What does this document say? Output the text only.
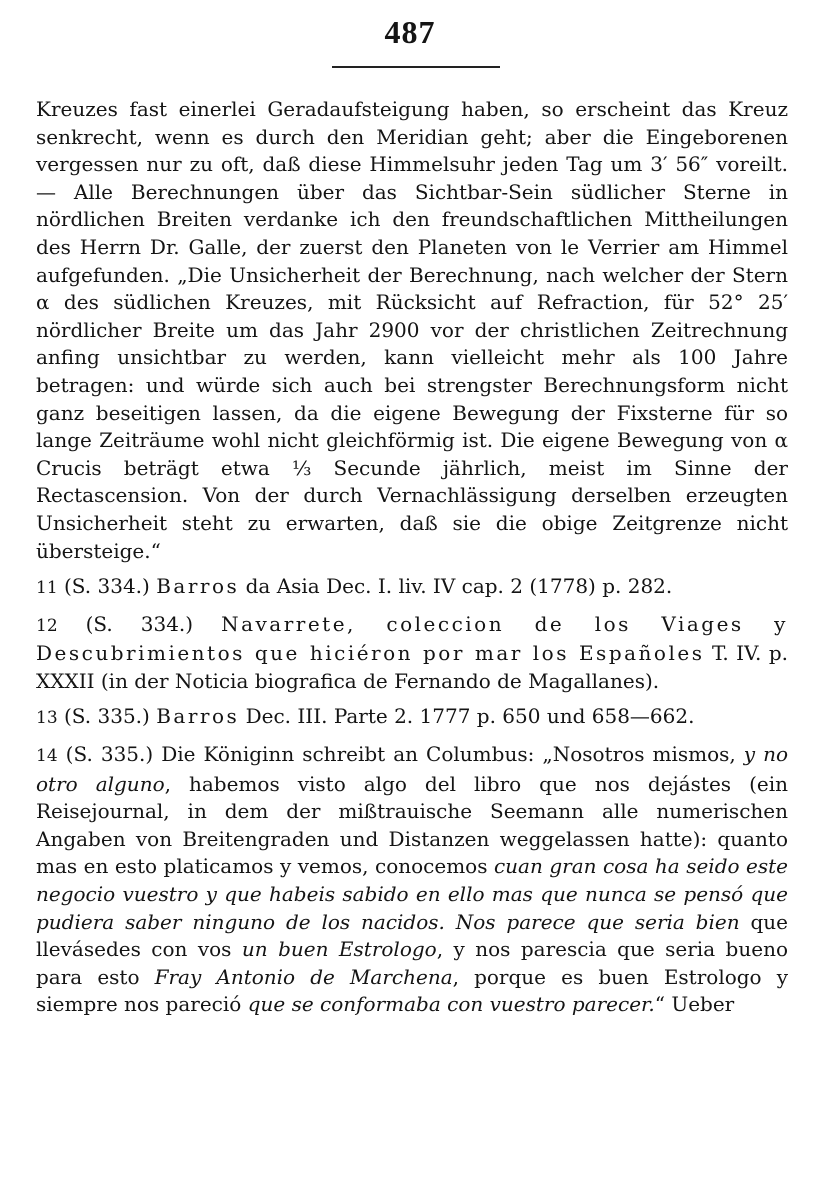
487

Kreuzes fast einerlei Geradaufsteigung haben, so erscheint das Kreuz senkrecht, wenn es durch den Meridian geht; aber die Eingeborenen vergessen nur zu oft, daß diese Himmelsuhr jeden Tag um 3′ 56″ voreilt. — Alle Berechnungen über das Sichtbar-Sein südlicher Sterne in nördlichen Breiten verdanke ich den freundschaftlichen Mittheilungen des Herrn Dr. Galle, der zuerst den Planeten von le Verrier am Himmel aufgefunden. „Die Unsicherheit der Berechnung, nach welcher der Stern α des südlichen Kreuzes, mit Rücksicht auf Refraction, für 52° 25′ nördlicher Breite um das Jahr 2900 vor der christlichen Zeitrechnung anfing unsichtbar zu werden, kann vielleicht mehr als 100 Jahre betragen: und würde sich auch bei strengster Berechnungsform nicht ganz beseitigen lassen, da die eigene Bewegung der Fixsterne für so lange Zeiträume wohl nicht gleichförmig ist. Die eigene Bewegung von α Crucis beträgt etwa ⅓ Secunde jährlich, meist im Sinne der Rectascension. Von der durch Vernachlässigung derselben erzeugten Unsicherheit steht zu erwarten, daß sie die obige Zeitgrenze nicht übersteige.“

11 (S. 334.) Barros da Asia Dec. I. liv. IV cap. 2 (1778) p. 282.

12 (S. 334.) Navarrete, coleccion de los Viages y Descubrimientos que hiciéron por mar los Españoles T. IV. p. XXXII (in der Noticia biografica de Fernando de Magallanes).

13 (S. 335.) Barros Dec. III. Parte 2. 1777 p. 650 und 658—662.

14 (S. 335.) Die Königinn schreibt an Columbus: „Nosotros mismos, y no otro alguno, habemos visto algo del libro que nos dejástes (ein Reisejournal, in dem der mißtrauische Seemann alle numerischen Angaben von Breitengraden und Distanzen weggelassen hatte): quanto mas en esto platicamos y vemos, conocemos cuan gran cosa ha seido este negocio vuestro y que habeis sabido en ello mas que nunca se pensó que pudiera saber ninguno de los nacidos. Nos parece que seria bien que llevásedes con vos un buen Estrologo, y nos parescia que seria bueno para esto Fray Antonio de Marchena, porque es buen Estrologo y siempre nos pareció que se conformaba con vuestro parecer.“ Ueber
